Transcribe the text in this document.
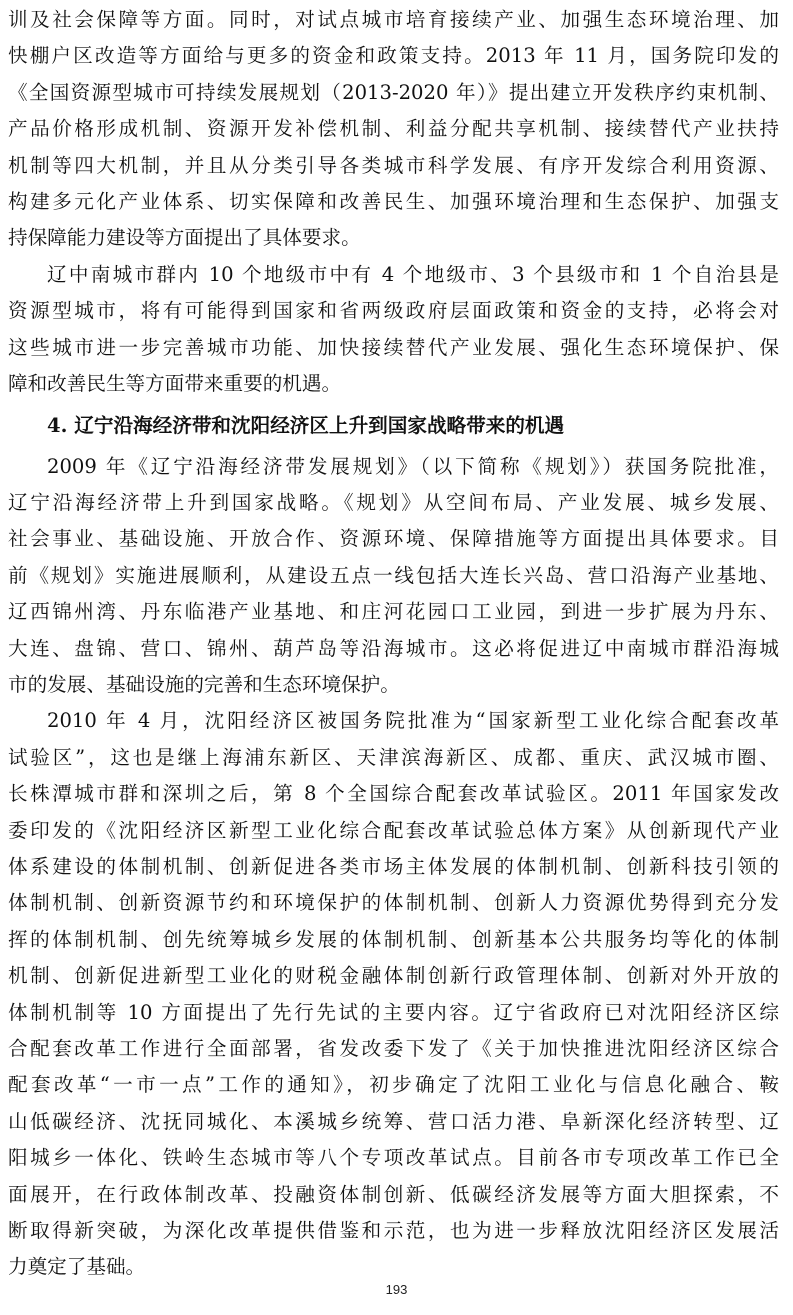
训及社会保障等方面。同时，对试点城市培育接续产业、加强生态环境治理、加
快棚户区改造等方面给与更多的资金和政策支持。2013 年 11 月，国务院印发的
《全国资源型城市可持续发展规划（2013-2020 年）》提出建立开发秩序约束机制、
产品价格形成机制、资源开发补偿机制、利益分配共享机制、接续替代产业扶持
机制等四大机制，并且从分类引导各类城市科学发展、有序开发综合利用资源、
构建多元化产业体系、切实保障和改善民生、加强环境治理和生态保护、加强支
持保障能力建设等方面提出了具体要求。
辽中南城市群内 10 个地级市中有 4 个地级市、3 个县级市和 1 个自治县是
资源型城市，将有可能得到国家和省两级政府层面政策和资金的支持，必将会对
这些城市进一步完善城市功能、加快接续替代产业发展、强化生态环境保护、保
障和改善民生等方面带来重要的机遇。
4. 辽宁沿海经济带和沈阳经济区上升到国家战略带来的机遇
2009 年《辽宁沿海经济带发展规划》（以下简称《规划》）获国务院批准，
辽宁沿海经济带上升到国家战略。《规划》从空间布局、产业发展、城乡发展、
社会事业、基础设施、开放合作、资源环境、保障措施等方面提出具体要求。目
前《规划》实施进展顺利，从建设五点一线包括大连长兴岛、营口沿海产业基地、
辽西锦州湾、丹东临港产业基地、和庄河花园口工业园，到进一步扩展为丹东、
大连、盘锦、营口、锦州、葫芦岛等沿海城市。这必将促进辽中南城市群沿海城
市的发展、基础设施的完善和生态环境保护。
2010 年 4 月，沈阳经济区被国务院批准为“国家新型工业化综合配套改革
试验区”，这也是继上海浦东新区、天津滨海新区、成都、重庆、武汉城市圈、
长株潭城市群和深圳之后，第 8 个全国综合配套改革试验区。2011 年国家发改
委印发的《沈阳经济区新型工业化综合配套改革试验总体方案》从创新现代产业
体系建设的体制机制、创新促进各类市场主体发展的体制机制、创新科技引领的
体制机制、创新资源节约和环境保护的体制机制、创新人力资源优势得到充分发
挥的体制机制、创先统筹城乡发展的体制机制、创新基本公共服务均等化的体制
机制、创新促进新型工业化的财税金融体制创新行政管理体制、创新对外开放的
体制机制等 10 方面提出了先行先试的主要内容。辽宁省政府已对沈阳经济区综
合配套改革工作进行全面部署，省发改委下发了《关于加快推进沈阳经济区综合
配套改革“一市一点”工作的通知》，初步确定了沈阳工业化与信息化融合、鞍
山低碳经济、沈抚同城化、本溪城乡统筹、营口活力港、阜新深化经济转型、辽
阳城乡一体化、铁岭生态城市等八个专项改革试点。目前各市专项改革工作已全
面展开，在行政体制改革、投融资体制创新、低碳经济发展等方面大胆探索，不
断取得新突破，为深化改革提供借鉴和示范，也为进一步释放沈阳经济区发展活
力奠定了基础。
193
